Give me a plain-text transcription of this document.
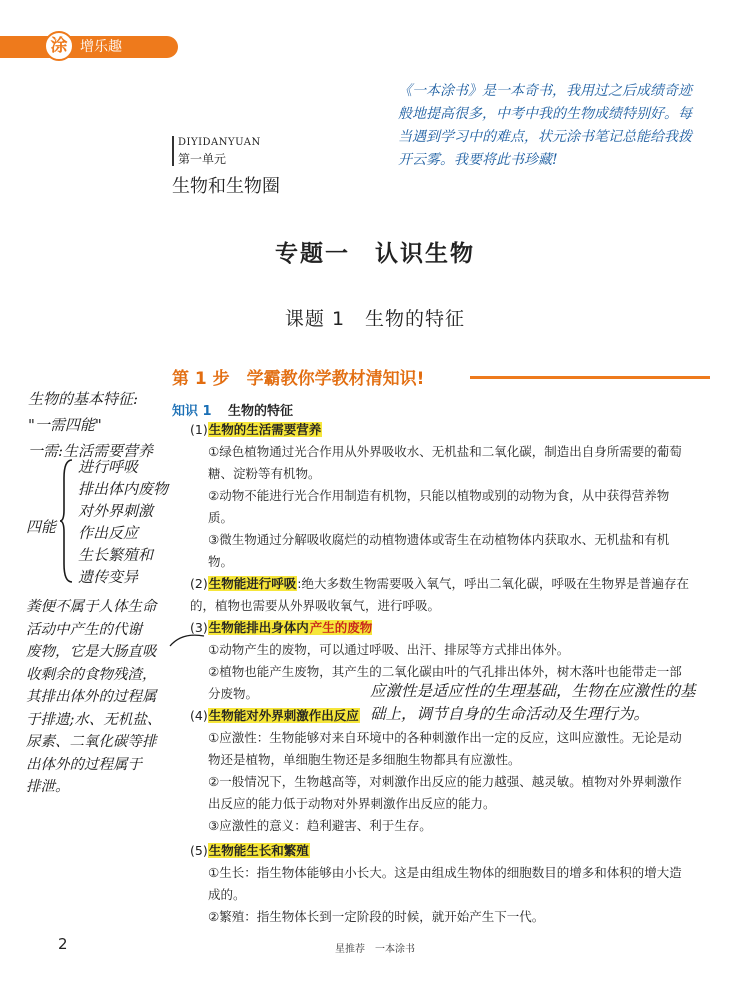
涂 增乐趣
《一本涂书》是一本奇书，我用过之后成绩奇迹般地提高很多，中考中我的生物成绩特别好。每当遇到学习中的难点，状元涂书笔记总能给我拨开云雾。我要将此书珍藏!
DIYIDANYUAN
第一单元
生物和生物圈
专题一　认识生物
课题 1　生物的特征
第 1 步　学霸教你学教材清知识!
知识 1 生物的特征
(1)生物的生活需要营养
①绿色植物通过光合作用从外界吸收水、无机盐和二氧化碳，制造出自身所需要的葡萄糖、淀粉等有机物。
②动物不能进行光合作用制造有机物，只能以植物或别的动物为食，从中获得营养物质。
③微生物通过分解吸收腐烂的动植物遗体或寄生在动植物体内获取水、无机盐和有机物。
(2)生物能进行呼吸:绝大多数生物需要吸入氧气，呼出二氧化碳，呼吸在生物界是普遍存在的，植物也需要从外界吸收氧气，进行呼吸。
(3)生物能排出身体内产生的废物
①动物产生的废物，可以通过呼吸、出汗、排尿等方式排出体外。
②植物也能产生废物，其产生的二氧化碳由叶的气孔排出体外，树木落叶也能带走一部分废物。	应激性是适应性的生理基础，生物在应激性的基
础上，调节自身的生命活动及生理行为。
(4)生物能对外界刺激作出反应
①应激性：生物能够对来自环境中的各种刺激作出一定的反应，这叫应激性。无论是动物还是植物，单细胞生物还是多细胞生物都具有应激性。
②一般情况下，生物越高等，对刺激作出反应的能力越强、越灵敏。植物对外界刺激作出反应的能力低于动物对外界刺激作出反应的能力。
③应激性的意义：趋利避害、利于生存。
(5)生物能生长和繁殖
①生长：指生物体能够由小长大。这是由组成生物体的细胞数目的增多和体积的增大造成的。
②繁殖：指生物体长到一定阶段的时候，就开始产生下一代。
生物的基本特征:
"一需四能"
一需:生活需要营养
四能
进行呼吸
排出体内废物
对外界刺激
作出反应
生长繁殖和
遗传变异
粪便不属于人体生命
活动中产生的代谢
废物，它是大肠直吸
收剩余的食物残渣，
其排出体外的过程属
于排遗;水、无机盐、
尿素、二氧化碳等排
出体外的过程属于
排泄。
2	星推荐　一本涂书
